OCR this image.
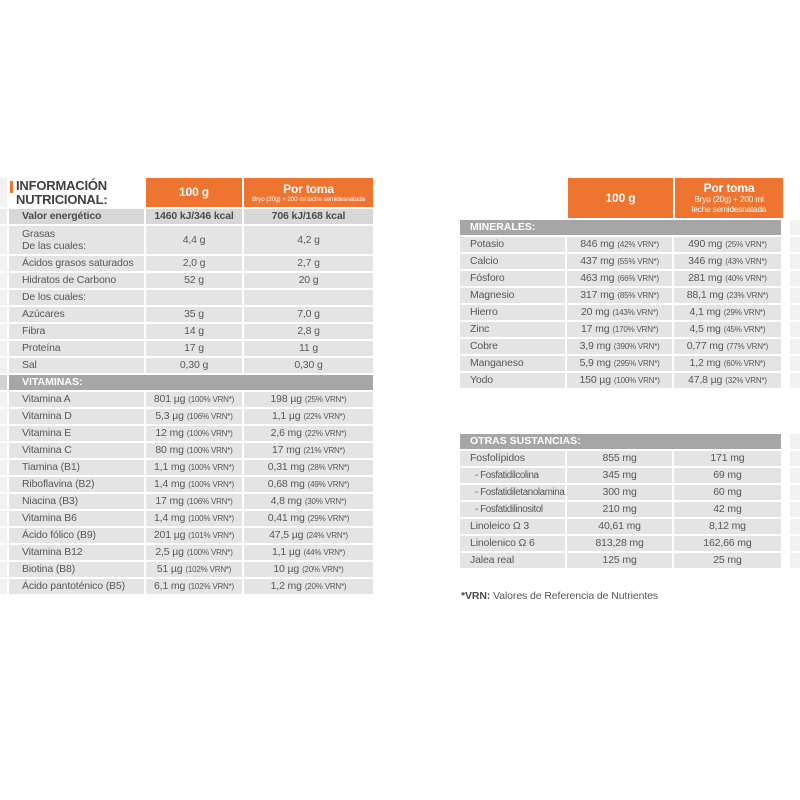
INFORMACIÓN
NUTRICIONAL:	100 g	Por toma
Bryo (20g) + 200 ml leche semidesnatada
Valor energético	1460 kJ/346 kcal	706 kJ/168 kcal
Grasas
De las cuales:
4,4 g	4,2 g
Ácidos grasos saturados	2,0 g	2,7 g
Hidratos de Carbono	52 g	20 g
De los cuales:
Azúcares	35 g	7,0 g
Fibra	14 g	2,8 g
Proteína	17 g	11 g
Sal	0,30 g	0,30 g
VITAMINAS:
Vitamina A	801 µg (100% VRN*)	198 µg (25% VRN*)
Vitamina D	5,3 µg (106% VRN*)	1,1 µg (22% VRN*)
Vitamina E	12 mg (100% VRN*)	2,6 mg (22% VRN*)
Vitamina C	80 mg (100% VRN*)	17 mg (21% VRN*)
Tiamina (B1)	1,1 mg (100% VRN*)	0,31 mg (28% VRN*)
Riboflavina (B2)	1,4 mg (100% VRN*)	0,68 mg (49% VRN*)
Niacina (B3)	17 mg (106% VRN*)	4,8 mg (30% VRN*)
Vitamina B6	1,4 mg (100% VRN*)	0,41 mg (29% VRN*)
Ácido fólico (B9)	201 µg (101% VRN*)	47,5 µg (24% VRN*)
Vitamina B12	2,5 µg (100% VRN*)	1,1 µg (44% VRN*)
Biotina (B8)	51 µg (102% VRN*)	10 µg (20% VRN*)
Ácido pantoténico (B5)	6,1 mg (102% VRN*)	1,2 mg (20% VRN*)
100 g
Por toma
Bryo (20g) + 200 ml
leche semidesnatada
MINERALES:
Potasio	846 mg (42% VRN*)	490 mg (25% VRN*)
Calcio	437 mg (55% VRN*)	346 mg (43% VRN*)
Fósforo	463 mg (66% VRN*)	281 mg (40% VRN*)
Magnesio	317 mg (85% VRN*)	88,1 mg (23% VRN*)
Hierro	20 mg (143% VRN*)	4,1 mg (29% VRN*)
Zinc	17 mg (170% VRN*)	4,5 mg (45% VRN*)
Cobre	3,9 mg (390% VRN*)	0,77 mg (77% VRN*)
Manganeso	5,9 mg (295% VRN*)	1,2 mg (60% VRN*)
Yodo	150 µg (100% VRN*)	47,8 µg (32% VRN*)
OTRAS SUSTANCIAS:
Fosfolípidos	855 mg	171 mg
- Fosfatidilcolina	345 mg	69 mg
- Fosfatidiletanolamina	300 mg	60 mg
- Fosfatidilinositol	210 mg	42 mg
Linoleico Ω 3	40,61 mg	8,12 mg
Linolenico Ω 6	813,28 mg	162,66 mg
Jalea real	125 mg	25 mg
*VRN: Valores de Referencia de Nutrientes
